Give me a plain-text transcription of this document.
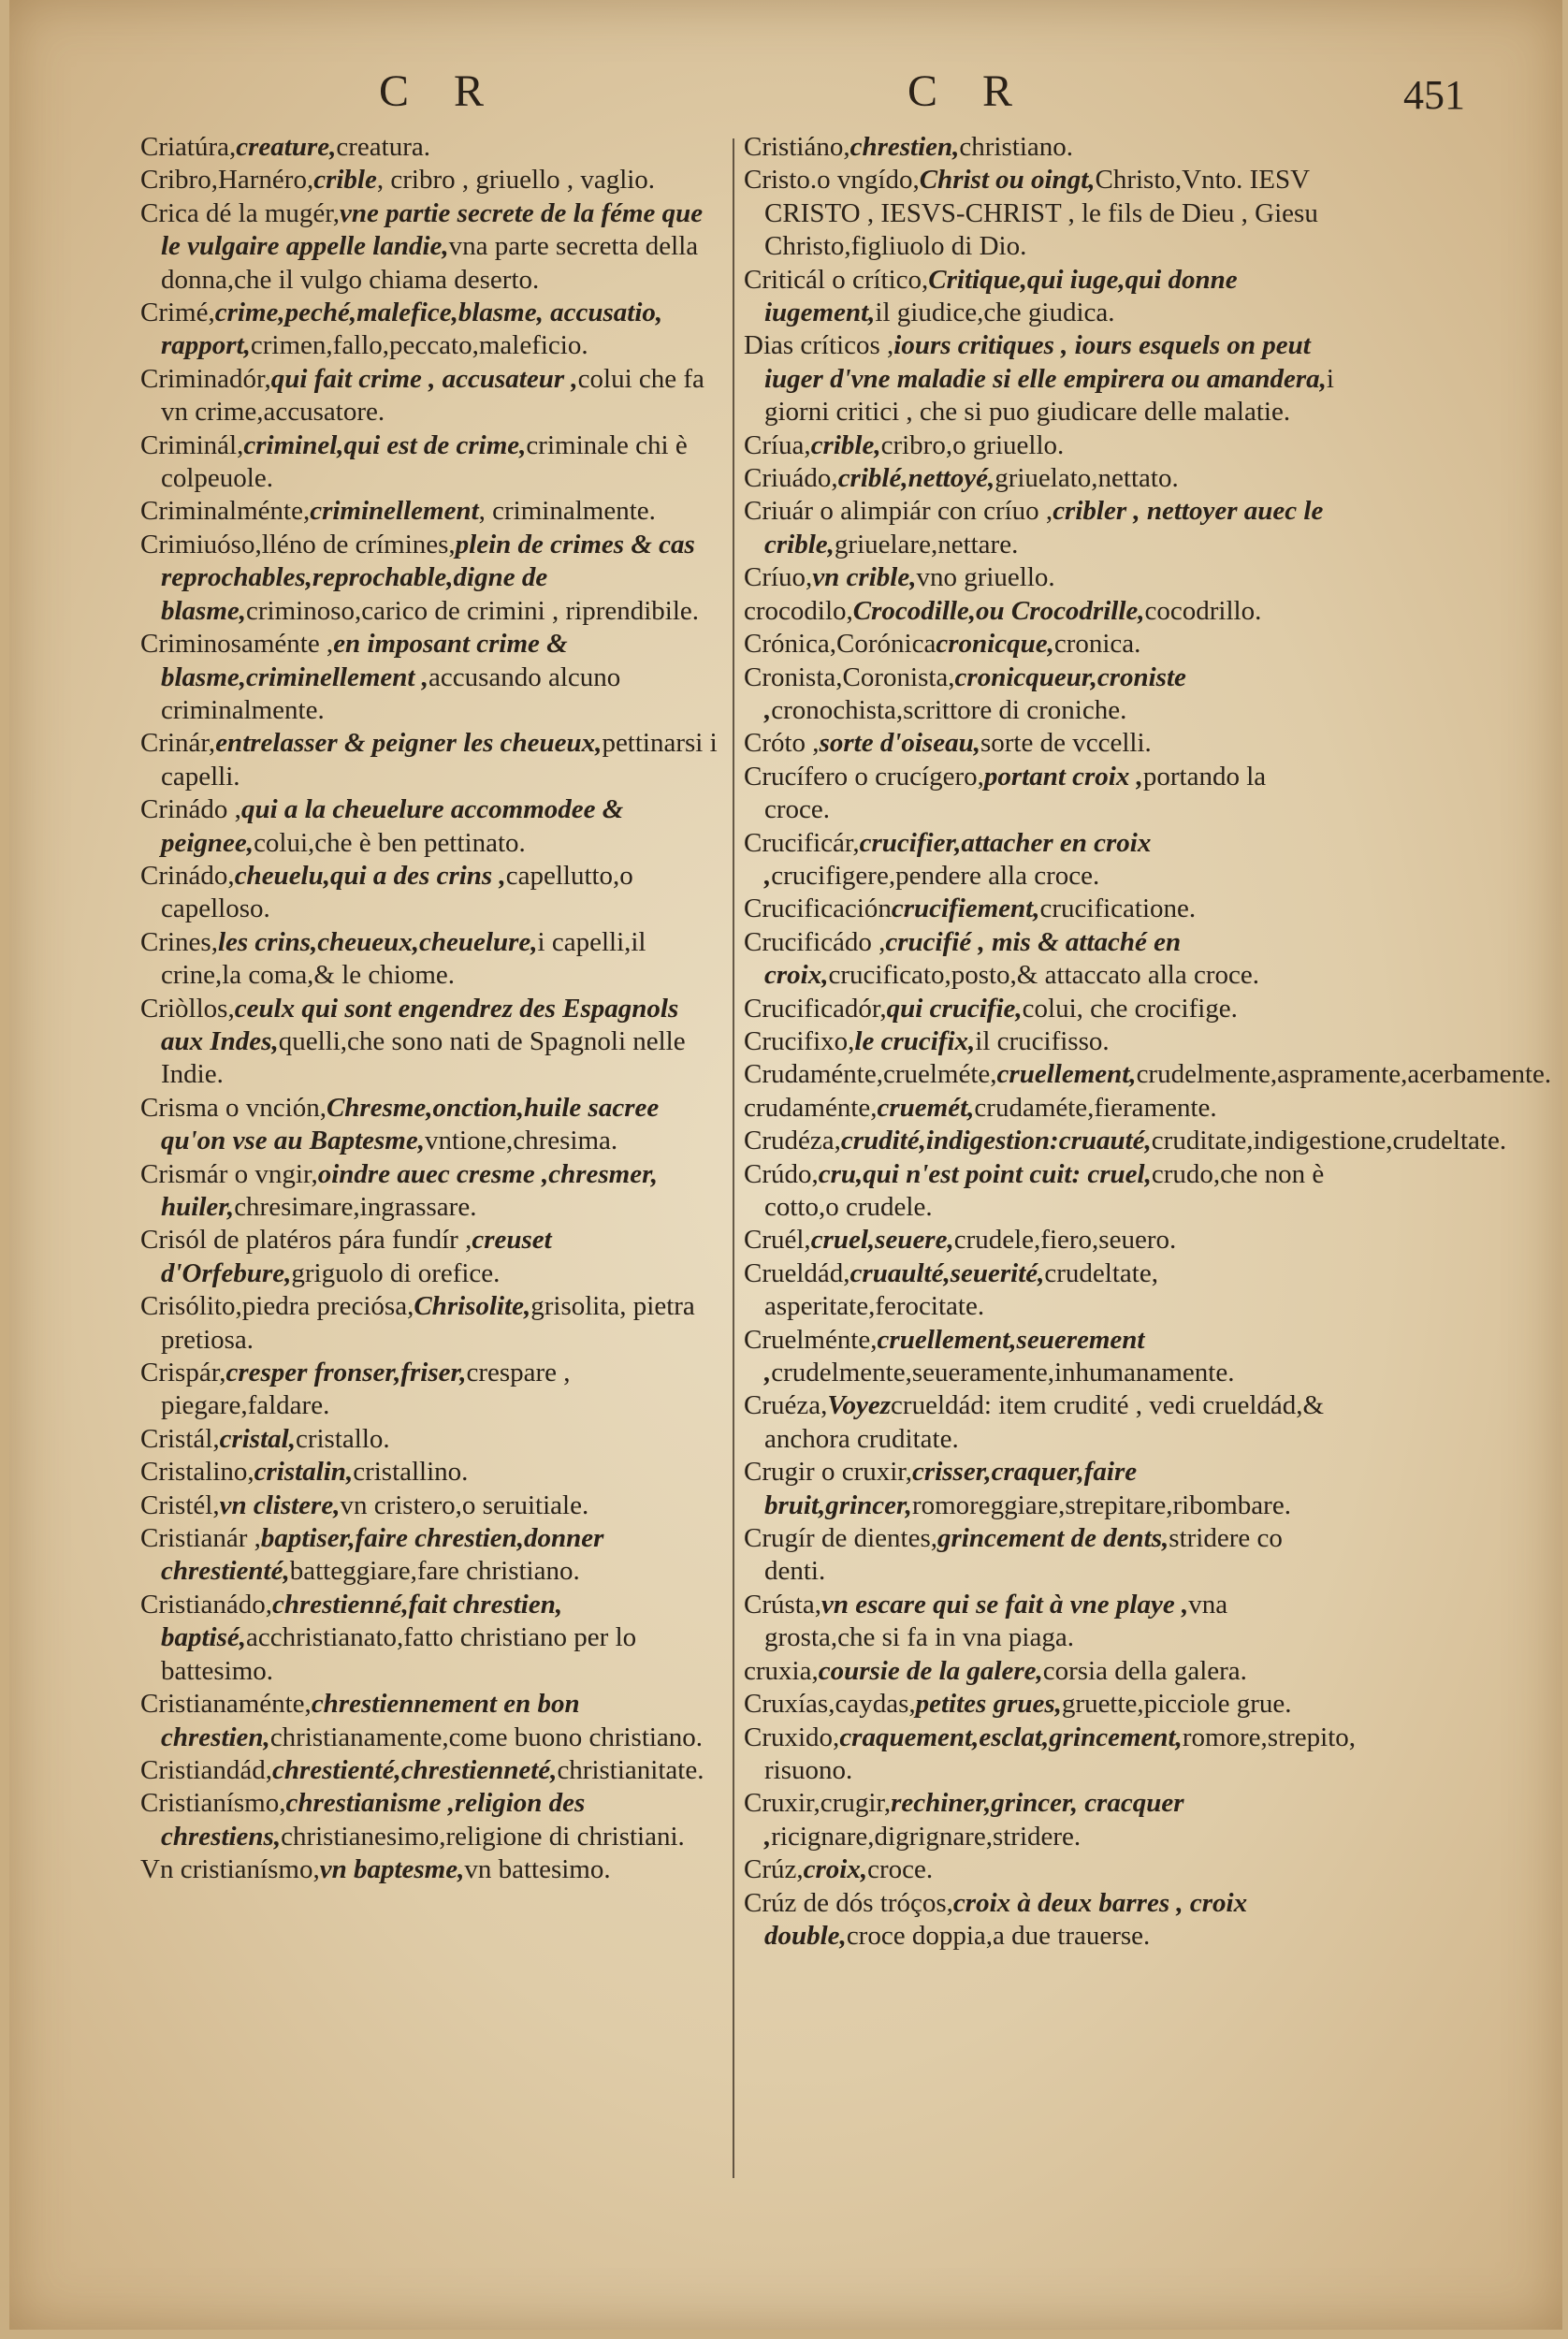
C R	C R	451
Criatúra,creature,creatura.
Cribro,Harnéro,crible, cribro , griuello , vaglio.
Crica dé la mugér,vne partie secrete de la féme que le vulgaire appelle landie,vna parte secretta della donna,che il vulgo chiama deserto.
Crimé,crime,peché,malefice,blasme, accusatio, rapport,crimen,fallo,peccato,maleficio.
Criminadór,qui fait crime , accusateur ,colui che fa vn crime,accusatore.
Criminál,criminel,qui est de crime,criminale chi è colpeuole.
Criminalménte,criminellement, criminalmente.
Crimiuóso,lléno de crímines,plein de crimes & cas reprochables,reprochable,digne de blasme,criminoso,carico de crimini , riprendibile.
Criminosaménte ,en imposant crime & blasme,criminellement ,accusando alcuno criminalmente.
Crinár,entrelasser & peigner les cheueux,pettinarsi i capelli.
Crinádo ,qui a la cheuelure accommodee & peignee,colui,che è ben pettinato.
Crinádo,cheuelu,qui a des crins ,capellutto,o capelloso.
Crines,les crins,cheueux,cheuelure,i capelli,il crine,la coma,& le chiome.
Criòllos,ceulx qui sont engendrez des Espagnols aux Indes,quelli,che sono nati de Spagnoli nelle Indie.
Crisma o vnción,Chresme,onction,huile sacree qu'on vse au Baptesme,vntione,chresima.
Crismár o vngir,oindre auec cresme ,chresmer, huiler,chresimare,ingrassare.
Crisól de platéros pára fundír ,creuset d'Orfebure,griguolo di orefice.
Crisólito,piedra preciósa,Chrisolite,grisolita, pietra pretiosa.
Crispár,cresper fronser,friser,crespare , piegare,faldare.
Cristál,cristal,cristallo.
Cristalino,cristalin,cristallino.
Cristél,vn clistere,vn cristero,o seruitiale.
Cristianár ,baptiser,faire chrestien,donner chrestienté,batteggiare,fare christiano.
Cristianádo,chrestienné,fait chrestien, baptisé,acchristianato,fatto christiano per lo battesimo.
Cristianaménte,chrestiennement en bon chrestien,christianamente,come buono christiano.
Cristiandád,chrestienté,chrestienneté,christianitate.
Cristianísmo,chrestianisme ,religion des chrestiens,christianesimo,religione di christiani.
Vn cristianísmo,vn baptesme,vn battesimo.
Cristiáno,chrestien,christiano.
Cristo.o vngído,Christ ou oingt,Christo,Vnto. IESV CRISTO , IESVS-CHRIST , le fils de Dieu , Giesu Christo,figliuolo di Dio.
Criticál o crítico,Critique,qui iuge,qui donne iugement,il giudice,che giudica.
Dias críticos ,iours critiques , iours esquels on peut iuger d'vne maladie si elle empirera ou amandera,i giorni critici , che si puo giudicare delle malatie.
Críua,crible,cribro,o griuello.
Criuádo,criblé,nettoyé,griuelato,nettato.
Criuár o alimpiár con críuo ,cribler , nettoyer auec le crible,griuelare,nettare.
Críuo,vn crible,vno griuello.
crocodilo,Crocodille,ou Crocodrille,cocodrillo.
Crónica,Corónicacronicque,cronica.
Cronista,Coronista,cronicqueur,croniste ,cronochista,scrittore di croniche.
Cróto ,sorte d'oiseau,sorte de vccelli.
Crucífero o crucígero,portant croix ,portando la croce.
Crucificár,crucifier,attacher en croix ,crucifigere,pendere alla croce.
Crucificacióncrucifiement,crucificatione.
Crucificádo ,crucifié , mis & attaché en croix,crucificato,posto,& attaccato alla croce.
Crucificadór,qui crucifie,colui, che crocifige.
Crucifixo,le crucifix,il crucifisso.
Crudaménte,cruelméte,cruellement,crudelmente,aspramente,acerbamente.
crudaménte,cruemét,crudaméte,fieramente.
Crudéza,crudité,indigestion:cruauté,cruditate,indigestione,crudeltate.
Crúdo,cru,qui n'est point cuit: cruel,crudo,che non è cotto,o crudele.
Cruél,cruel,seuere,crudele,fiero,seuero.
Crueldád,cruaulté,seuerité,crudeltate, asperitate,ferocitate.
Cruelménte,cruellement,seuerement ,crudelmente,seueramente,inhumanamente.
Cruéza,Voyezcrueldád: item crudité , vedi crueldád,& anchora cruditate.
Crugir o cruxir,crisser,craquer,faire bruit,grincer,romoreggiare,strepitare,ribombare.
Crugír de dientes,grincement de dents,stridere co denti.
Crústa,vn escare qui se fait à vne playe ,vna grosta,che si fa in vna piaga.
cruxia,coursie de la galere,corsia della galera.
Cruxías,caydas,petites grues,gruette,picciole grue.
Cruxido,craquement,esclat,grincement,romore,strepito, risuono.
Cruxir,crugir,rechiner,grincer, cracquer ,ricignare,digrignare,stridere.
Crúz,croix,croce.
Crúz de dós tróços,croix à deux barres , croix double,croce doppia,a due trauerse.
